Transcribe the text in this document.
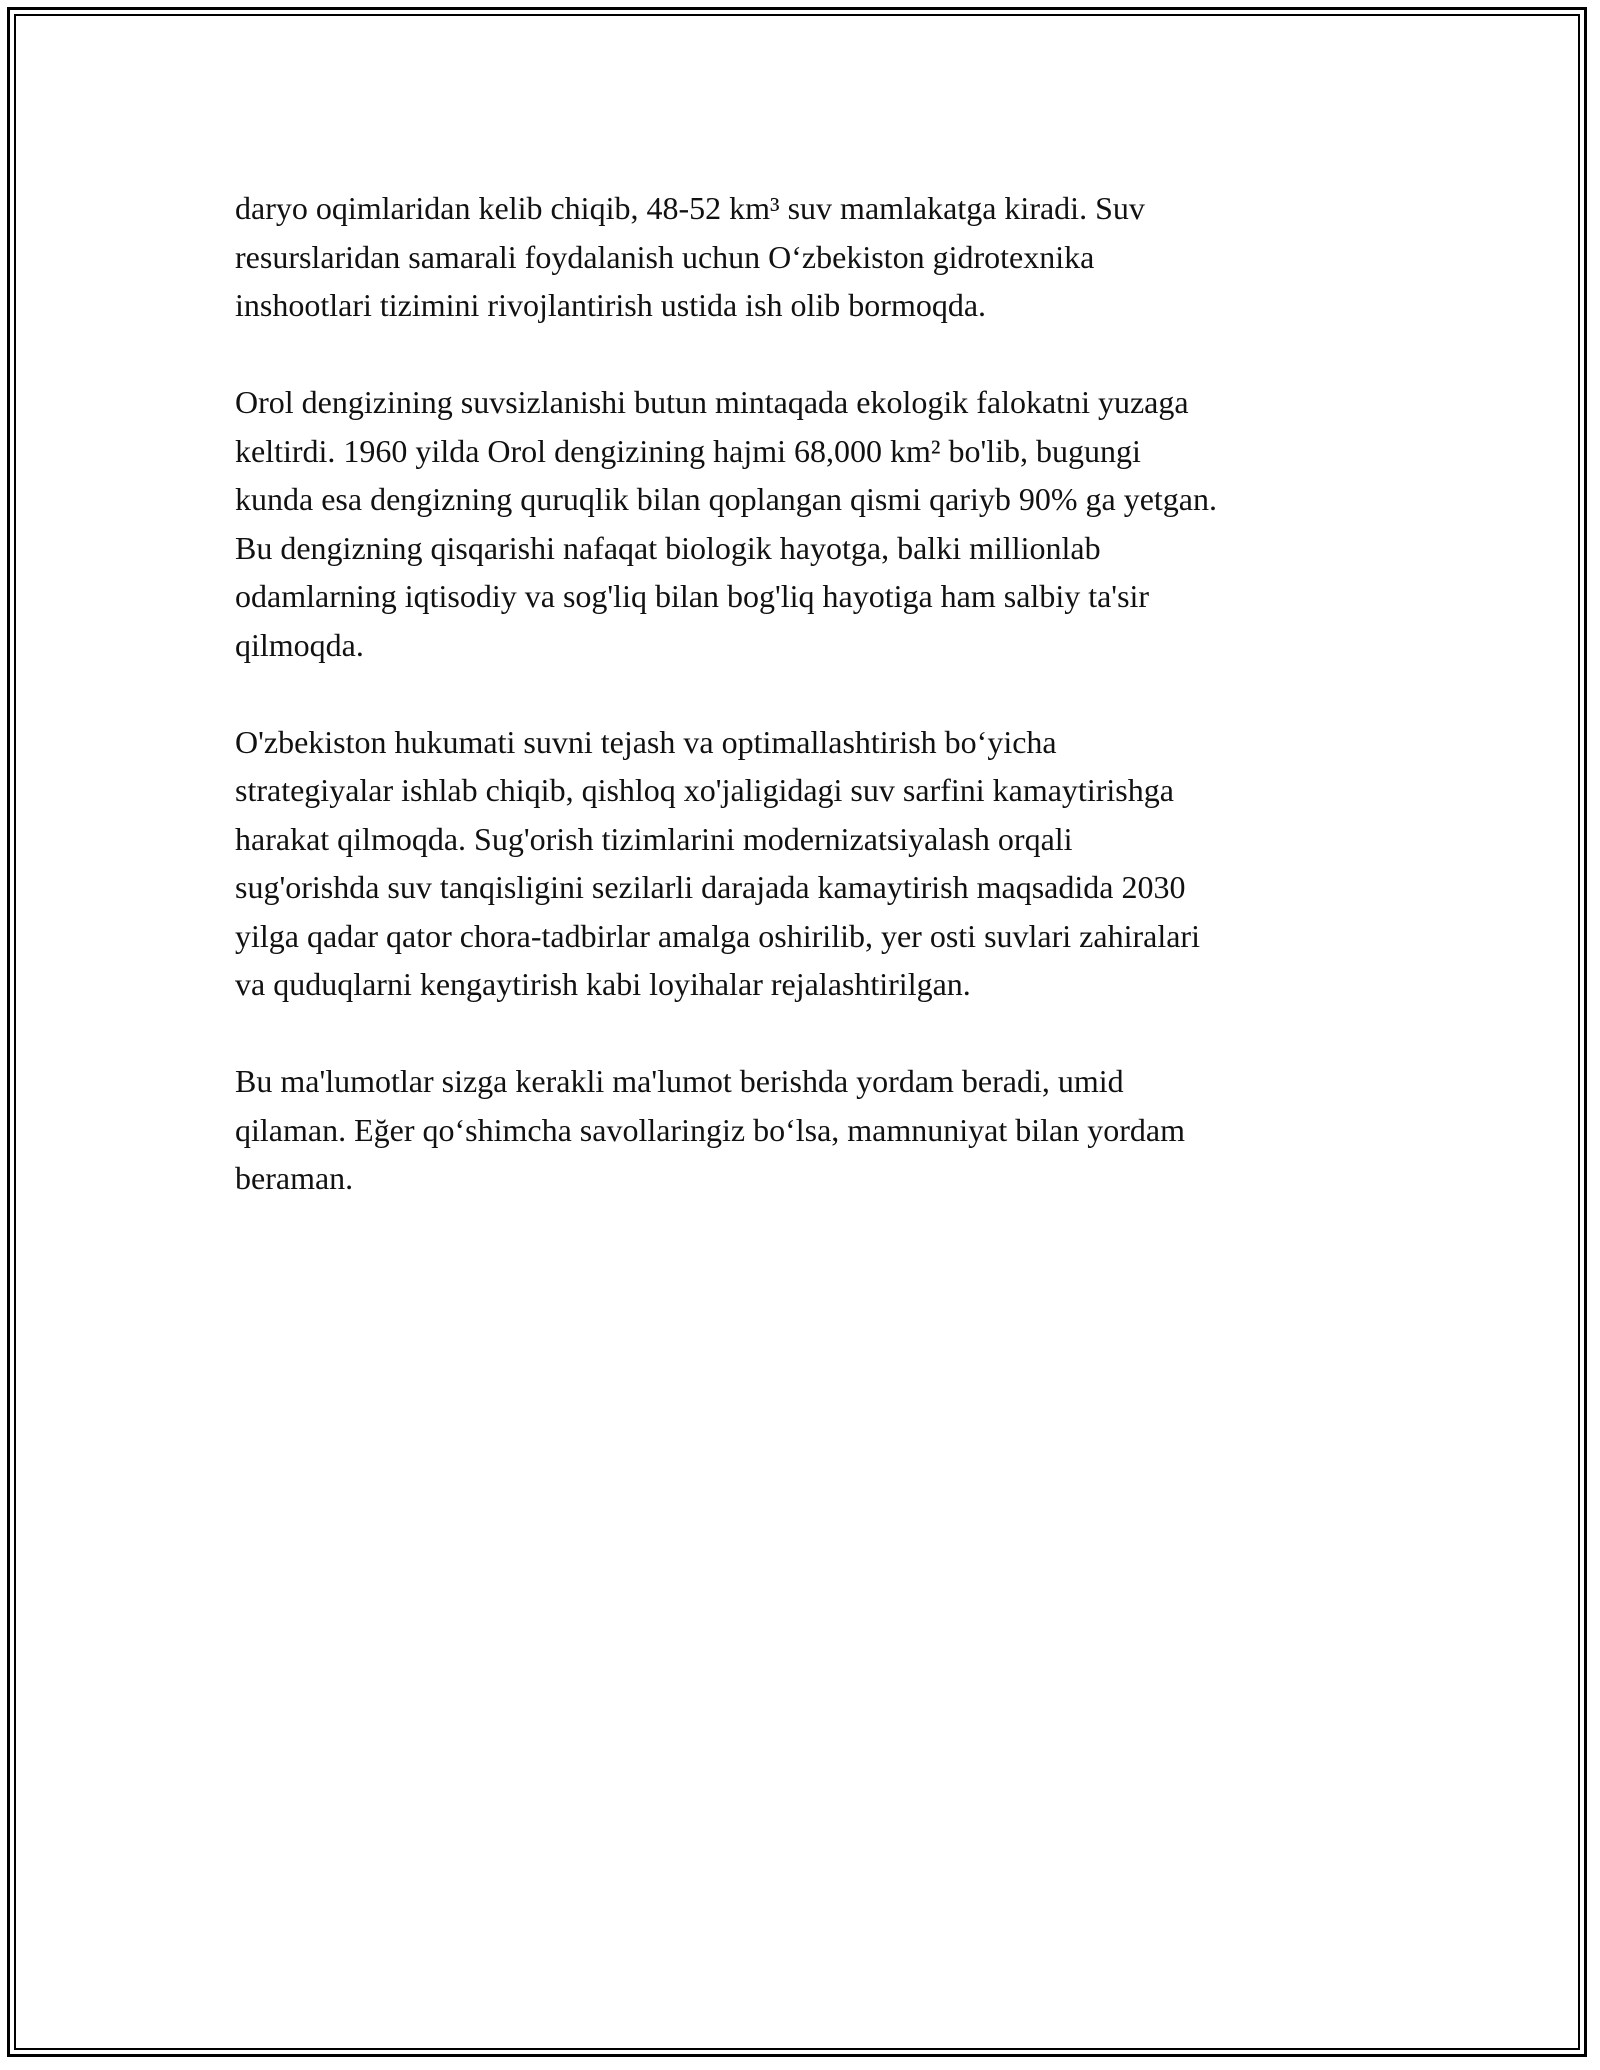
daryo oqimlaridan kelib chiqib, 48-52 km³ suv mamlakatga kiradi. Suv
resurslaridan samarali foydalanish uchun O‘zbekiston gidrotexnika
inshootlari tizimini rivojlantirish ustida ish olib bormoqda.

Orol dengizining suvsizlanishi butun mintaqada ekologik falokatni yuzaga
keltirdi. 1960 yilda Orol dengizining hajmi 68,000 km² bo'lib, bugungi
kunda esa dengizning quruqlik bilan qoplangan qismi qariyb 90% ga yetgan.
Bu dengizning qisqarishi nafaqat biologik hayotga, balki millionlab
odamlarning iqtisodiy va sog'liq bilan bog'liq hayotiga ham salbiy ta'sir
qilmoqda.

O'zbekiston hukumati suvni tejash va optimallashtirish bo‘yicha
strategiyalar ishlab chiqib, qishloq xo'jaligidagi suv sarfini kamaytirishga
harakat qilmoqda. Sug'orish tizimlarini modernizatsiyalash orqali
sug'orishda suv tanqisligini sezilarli darajada kamaytirish maqsadida 2030
yilga qadar qator chora-tadbirlar amalga oshirilib, yer osti suvlari zahiralari
va quduqlarni kengaytirish kabi loyihalar rejalashtirilgan.

Bu ma'lumotlar sizga kerakli ma'lumot berishda yordam beradi, umid
qilaman. Eğer qo‘shimcha savollaringiz bo‘lsa, mamnuniyat bilan yordam
beraman.
